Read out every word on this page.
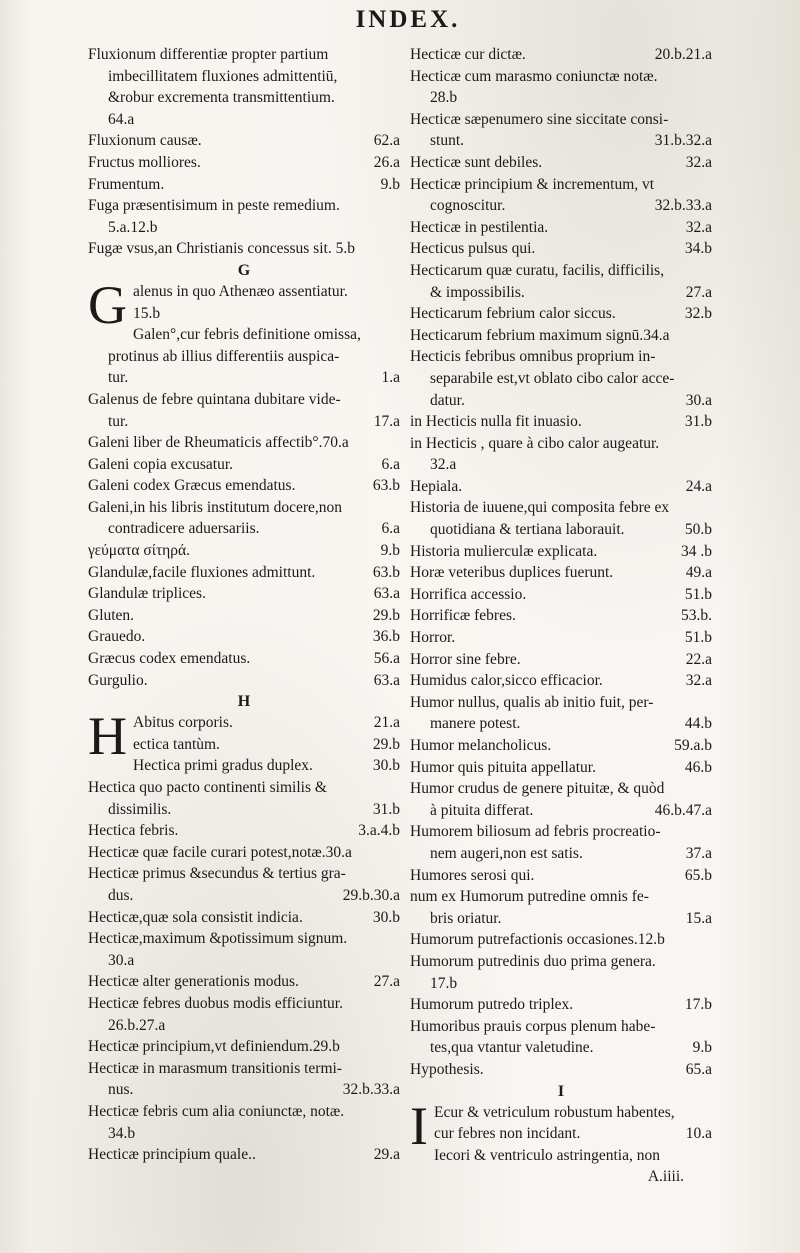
INDEX.
Fluxionum differentiæ propter partium
imbecillitatem fluxiones admittentiū,
&robur excrementa transmittentium.
64.a
Fluxionum causæ.	62.a
Fructus molliores.	26.a
Frumentum.	9.b
Fuga præsentisimum in peste remedium.
5.a.12.b
Fugæ vsus,an Christianis concessus sit. 5.b
G
G alenus in quo Athenæo assentiatur.
15.b
Galen°,cur febris definitione omissa,
protinus ab illius differentiis auspica-
tur.	1.a
Galenus de febre quintana dubitare vide-
tur.	17.a
Galeni liber de Rheumaticis affectib°.70.a
Galeni copia excusatur.	6.a
Galeni codex Græcus emendatus.	63.b
Galeni,in his libris institutum docere,non
contradicere aduersariis.	6.a
γεύματα σίτηρά.	9.b
Glandulæ,facile fluxiones admittunt.	63.b
Glandulæ triplices.	63.a
Gluten.	29.b
Grauedo.	36.b
Græcus codex emendatus.	56.a
Gurgulio.	63.a
H
H Abitus corporis.	21.a
ectica tantùm.	29.b
Hectica primi gradus duplex.	30.b
Hectica quo pacto continenti similis &
dissimilis.	31.b
Hectica febris.	3.a.4.b
Hecticæ quæ facile curari potest,notæ.30.a
Hecticæ primus &secundus & tertius gra-
dus.	29.b.30.a
Hecticæ,quæ sola consistit indicia.	30.b
Hecticæ,maximum &potissimum signum.
30.a
Hecticæ alter generationis modus.	27.a
Hecticæ febres duobus modis efficiuntur.
26.b.27.a
Hecticæ principium,vt definiendum.29.b
Hecticæ in marasmum transitionis termi-
nus.	32.b.33.a
Hecticæ febris cum alia coniunctæ, notæ.
34.b
Hecticæ principium quale..	29.a
Hecticæ cur dictæ.	20.b.21.a
Hecticæ cum marasmo coniunctæ notæ.
28.b
Hecticæ sæpenumero sine siccitate consi-
stunt.	31.b.32.a
Hecticæ sunt debiles.	32.a
Hecticæ principium & incrementum, vt
cognoscitur.	32.b.33.a
Hecticæ in pestilentia.	32.a
Hecticus pulsus qui.	34.b
Hecticarum quæ curatu, facilis, difficilis,
& impossibilis.	27.a
Hecticarum febrium calor siccus.	32.b
Hecticarum febrium maximum signū.34.a
Hecticis febribus omnibus proprium in-
separabile est,vt oblato cibo calor acce-
datur.	30.a
in Hecticis nulla fit inuasio.	31.b
in Hecticis , quare à cibo calor augeatur.
32.a
Hepiala.	24.a
Historia de iuuene,qui composita febre ex
quotidiana & tertiana laborauit.	50.b
Historia mulierculæ explicata.	34 .b
Horæ veteribus duplices fuerunt.	49.a
Horrifica accessio.	51.b
Horrificæ febres.	53.b.
Horror.	51.b
Horror sine febre.	22.a
Humidus calor,sicco efficacior.	32.a
Humor nullus, qualis ab initio fuit, per-
manere potest.	44.b
Humor melancholicus.	59.a.b
Humor quis pituita appellatur.	46.b
Humor crudus de genere pituitæ, & quòd
à pituita differat.	46.b.47.a
Humorem biliosum ad febris procreatio-
nem augeri,non est satis.	37.a
Humores serosi qui.	65.b
num ex Humorum putredine omnis fe-
bris oriatur.	15.a
Humorum putrefactionis occasiones.12.b
Humorum putredinis duo prima genera.
17.b
Humorum putredo triplex.	17.b
Humoribus prauis corpus plenum habe-
tes,qua vtantur valetudine.	9.b
Hypothesis.	65.a
I
I Ecur & vetriculum robustum habentes,
cur febres non incidant.	10.a
Iecori & ventriculo astringentia, non
A.iiii.
